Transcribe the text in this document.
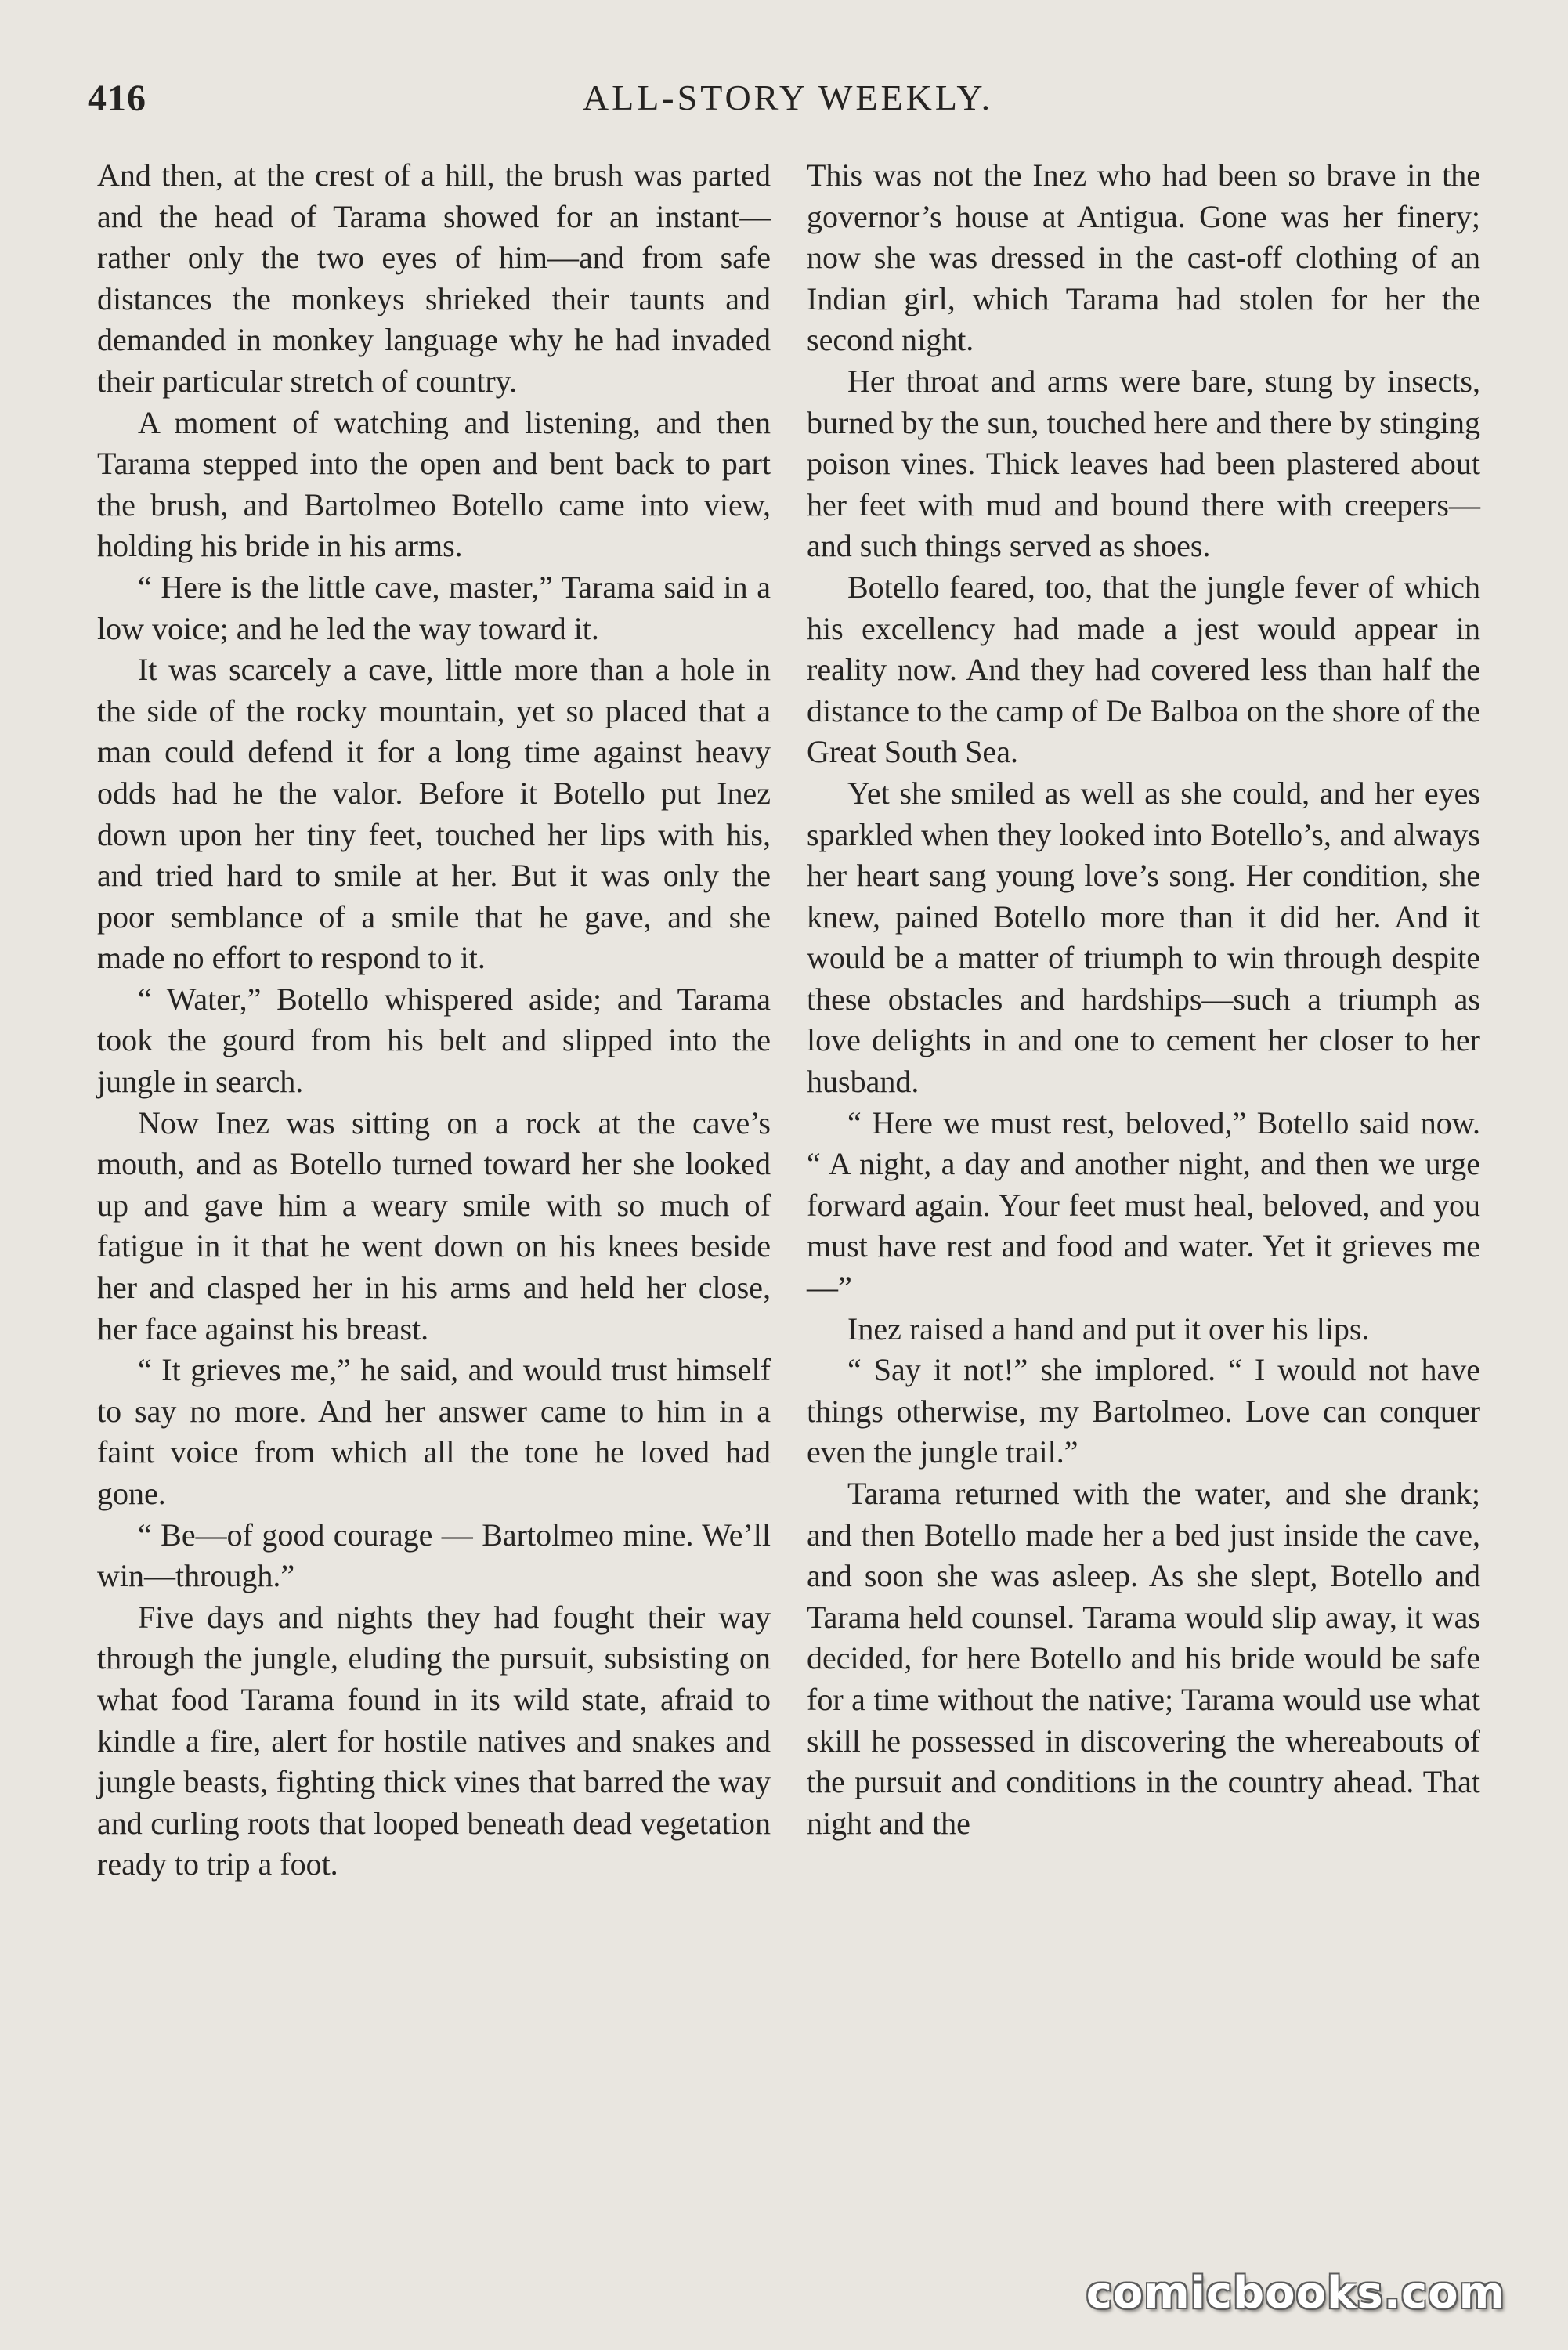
416	ALL-STORY WEEKLY.

And then, at the crest of a hill, the brush was parted and the head of Tarama showed for an instant—rather only the two eyes of him—and from safe distances the monkeys shrieked their taunts and demanded in monkey language why he had invaded their particular stretch of country.

A moment of watching and listening, and then Tarama stepped into the open and bent back to part the brush, and Bartolmeo Botello came into view, holding his bride in his arms.

“ Here is the little cave, master,” Tarama said in a low voice; and he led the way toward it.

It was scarcely a cave, little more than a hole in the side of the rocky mountain, yet so placed that a man could defend it for a long time against heavy odds had he the valor. Before it Botello put Inez down upon her tiny feet, touched her lips with his, and tried hard to smile at her. But it was only the poor semblance of a smile that he gave, and she made no effort to respond to it.

“ Water,” Botello whispered aside; and Tarama took the gourd from his belt and slipped into the jungle in search.

Now Inez was sitting on a rock at the cave’s mouth, and as Botello turned toward her she looked up and gave him a weary smile with so much of fatigue in it that he went down on his knees beside her and clasped her in his arms and held her close, her face against his breast.

“ It grieves me,” he said, and would trust himself to say no more. And her answer came to him in a faint voice from which all the tone he loved had gone.

“ Be—of good courage — Bartolmeo mine. We’ll win—through.”

Five days and nights they had fought their way through the jungle, eluding the pursuit, subsisting on what food Tarama found in its wild state, afraid to kindle a fire, alert for hostile natives and snakes and jungle beasts, fighting thick vines that barred the way and curling roots that looped beneath dead vegetation ready to trip a foot.

This was not the Inez who had been so brave in the governor’s house at Antigua. Gone was her finery; now she was dressed in the cast-off clothing of an Indian girl, which Tarama had stolen for her the second night.

Her throat and arms were bare, stung by insects, burned by the sun, touched here and there by stinging poison vines. Thick leaves had been plastered about her feet with mud and bound there with creepers—and such things served as shoes.

Botello feared, too, that the jungle fever of which his excellency had made a jest would appear in reality now. And they had covered less than half the distance to the camp of De Balboa on the shore of the Great South Sea.

Yet she smiled as well as she could, and her eyes sparkled when they looked into Botello’s, and always her heart sang young love’s song. Her condition, she knew, pained Botello more than it did her. And it would be a matter of triumph to win through despite these obstacles and hardships—such a triumph as love delights in and one to cement her closer to her husband.

“ Here we must rest, beloved,” Botello said now. “ A night, a day and another night, and then we urge forward again. Your feet must heal, beloved, and you must have rest and food and water. Yet it grieves me—”

Inez raised a hand and put it over his lips.

“ Say it not!” she implored. “ I would not have things otherwise, my Bartolmeo. Love can conquer even the jungle trail.”

Tarama returned with the water, and she drank; and then Botello made her a bed just inside the cave, and soon she was asleep. As she slept, Botello and Tarama held counsel. Tarama would slip away, it was decided, for here Botello and his bride would be safe for a time without the native; Tarama would use what skill he possessed in discovering the whereabouts of the pursuit and conditions in the country ahead. That night and the

comicbooks.com
